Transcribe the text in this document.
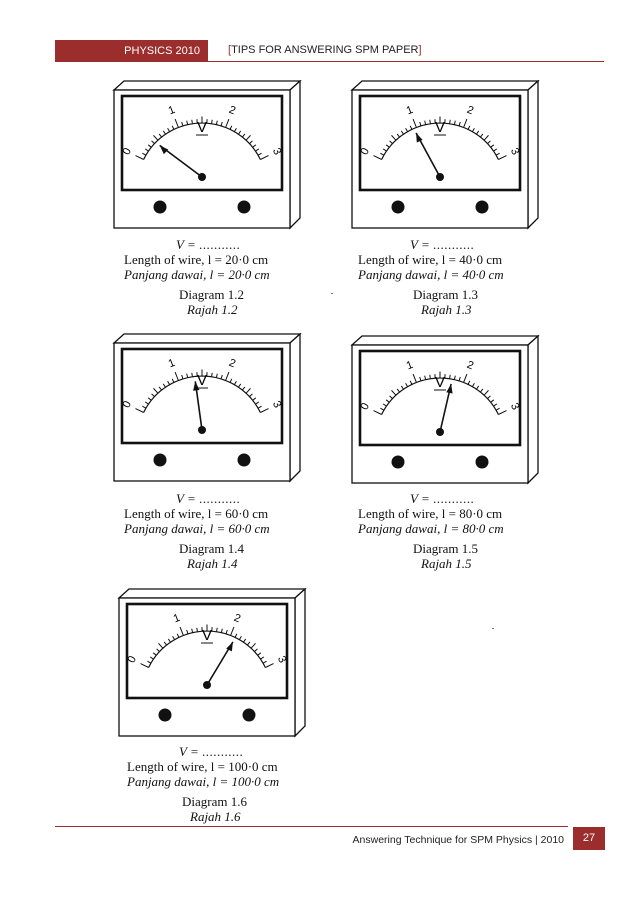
PHYSICS 2010	[TIPS FOR ANSWERING SPM PAPER]
0
1	2
3
V
0
1	2
3
V
0
1	2
3
V
0
1	2
3
V
0
1	2
3
V
V = ...........
Length of wire, l = 20·0 cm
Panjang dawai, l = 20·0 cm
Diagram 1.2
Rajah 1.2
V = ...........
Length of wire, l = 40·0 cm
Panjang dawai, l = 40·0 cm
Diagram 1.3
Rajah 1.3
V = ...........
Length of wire, l = 60·0 cm
Panjang dawai, l = 60·0 cm
Diagram 1.4
Rajah 1.4
V = ...........
Length of wire, l = 80·0 cm
Panjang dawai, l = 80·0 cm
Diagram 1.5
Rajah 1.5
V = ...........
Length of wire, l = 100·0 cm
Panjang dawai, l = 100·0 cm
Diagram 1.6
Rajah 1.6
Answering Technique for SPM Physics | 2010	27
